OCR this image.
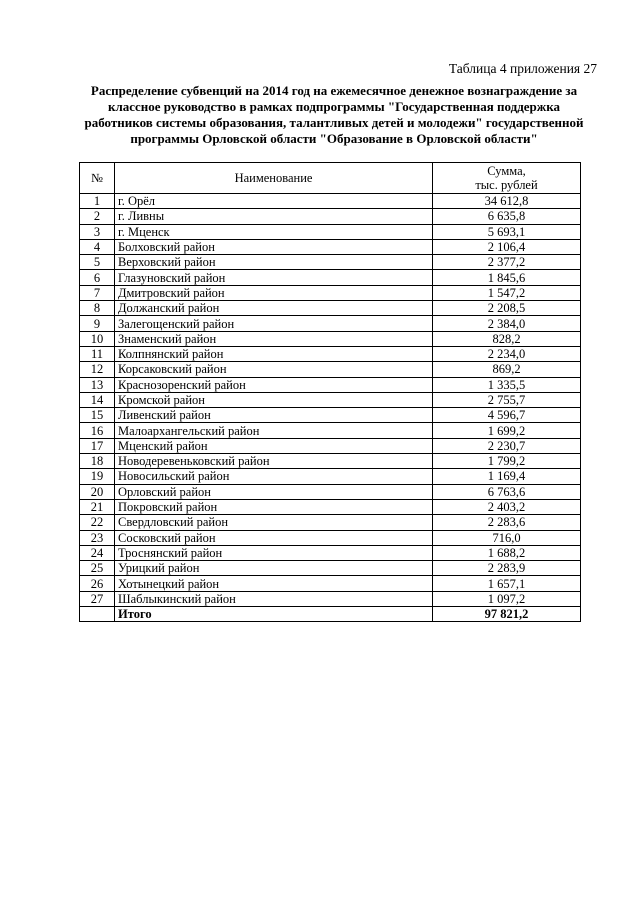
Таблица 4 приложения 27
Распределение субвенций на 2014 год на ежемесячное денежное вознаграждение за
классное руководство в рамках подпрограммы "Государственная поддержка
работников системы образования, талантливых детей и молодежи" государственной
программы Орловской области "Образование в Орловской области"
№	Наименование	Сумма,
тыс. рублей

1	г. Орёл	34 612,8
2	г. Ливны	6 635,8
3	г. Мценск	5 693,1
4	Болховский район	2 106,4
5	Верховский район	2 377,2
6	Глазуновский район	1 845,6
7	Дмитровский район	1 547,2
8	Должанский район	2 208,5
9	Залегощенский район	2 384,0
10	Знаменский район	828,2
11	Колпнянский район	2 234,0
12	Корсаковский район	869,2
13	Краснозоренский район	1 335,5
14	Кромской район	2 755,7
15	Ливенский район	4 596,7
16	Малоархангельский район	1 699,2
17	Мценский район	2 230,7
18	Новодеревеньковский район	1 799,2
19	Новосильский район	1 169,4
20	Орловский район	6 763,6
21	Покровский район	2 403,2
22	Свердловский район	2 283,6
23	Сосковский район	716,0
24	Троснянский район	1 688,2
25	Урицкий район	2 283,9
26	Хотынецкий район	1 657,1
27	Шаблыкинский район	1 097,2
	Итого	97 821,2
